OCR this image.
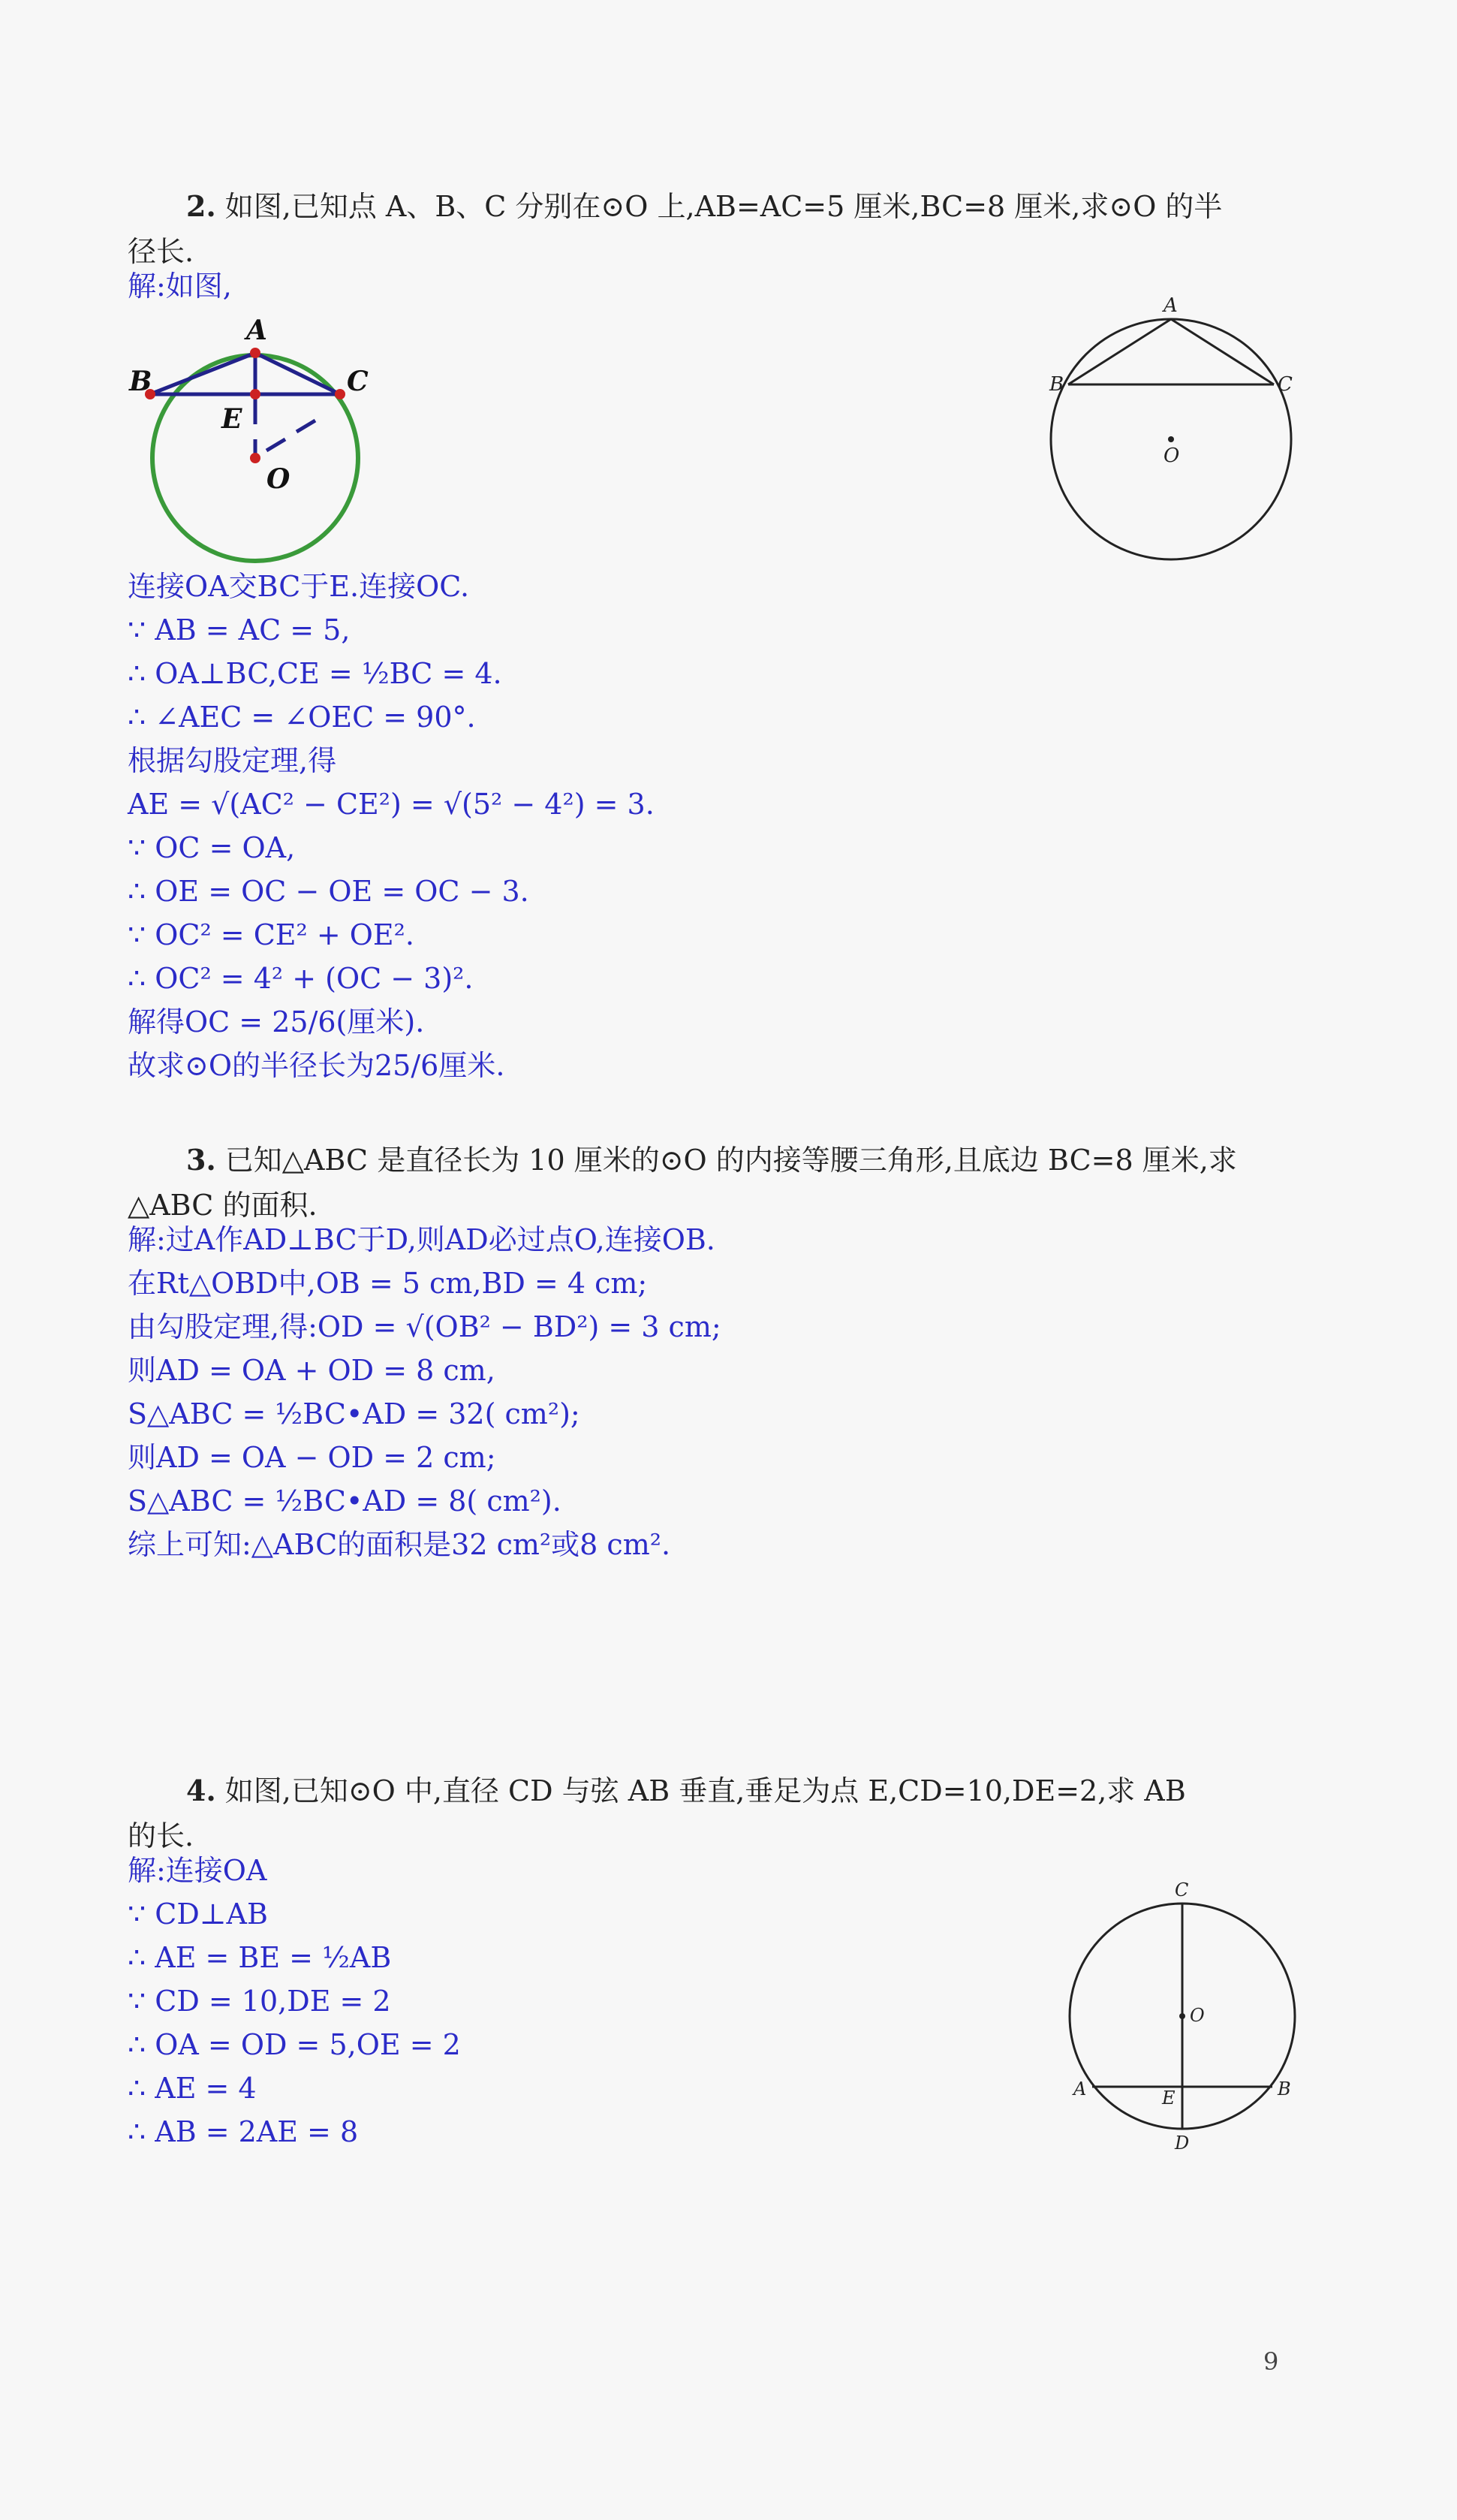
2. 如图,已知点 A、B、C 分别在⊙O 上,AB=AC=5 厘米,BC=8 厘米,求⊙O 的半
径长.
解:如图,
A
B	C
E
O
A
B	C
O
连接OA交BC于E.连接OC.
∵ AB = AC = 5,
∴ OA⊥BC,CE = ½BC = 4.
∴ ∠AEC = ∠OEC = 90°.
根据勾股定理,得
AE = √(AC² − CE²) = √(5² − 4²) = 3.
∵ OC = OA,
∴ OE = OC − OE = OC − 3.
∵ OC² = CE² + OE².
∴ OC² = 4² + (OC − 3)².
解得OC = 25/6(厘米).
故求⊙O的半径长为25/6厘米.
3. 已知△ABC 是直径长为 10 厘米的⊙O 的内接等腰三角形,且底边 BC=8 厘米,求
△ABC 的面积.
解:过A作AD⊥BC于D,则AD必过点O,连接OB.
在Rt△OBD中,OB = 5 cm,BD = 4 cm;
由勾股定理,得:OD = √(OB² − BD²) = 3 cm;
则AD = OA + OD = 8 cm,
S△ABC = ½BC•AD = 32( cm²);
则AD = OA − OD = 2 cm;
S△ABC = ½BC•AD = 8( cm²).
综上可知:△ABC的面积是32 cm²或8 cm².
4. 如图,已知⊙O 中,直径 CD 与弦 AB 垂直,垂足为点 E,CD=10,DE=2,求 AB
的长.
解:连接OA
∵ CD⊥AB
∴ AE = BE = ½AB
∵ CD = 10,DE = 2
∴ OA = OD = 5,OE = 2
∴ AE = 4
∴ AB = 2AE = 8
C
O
A	E	B
D
9
